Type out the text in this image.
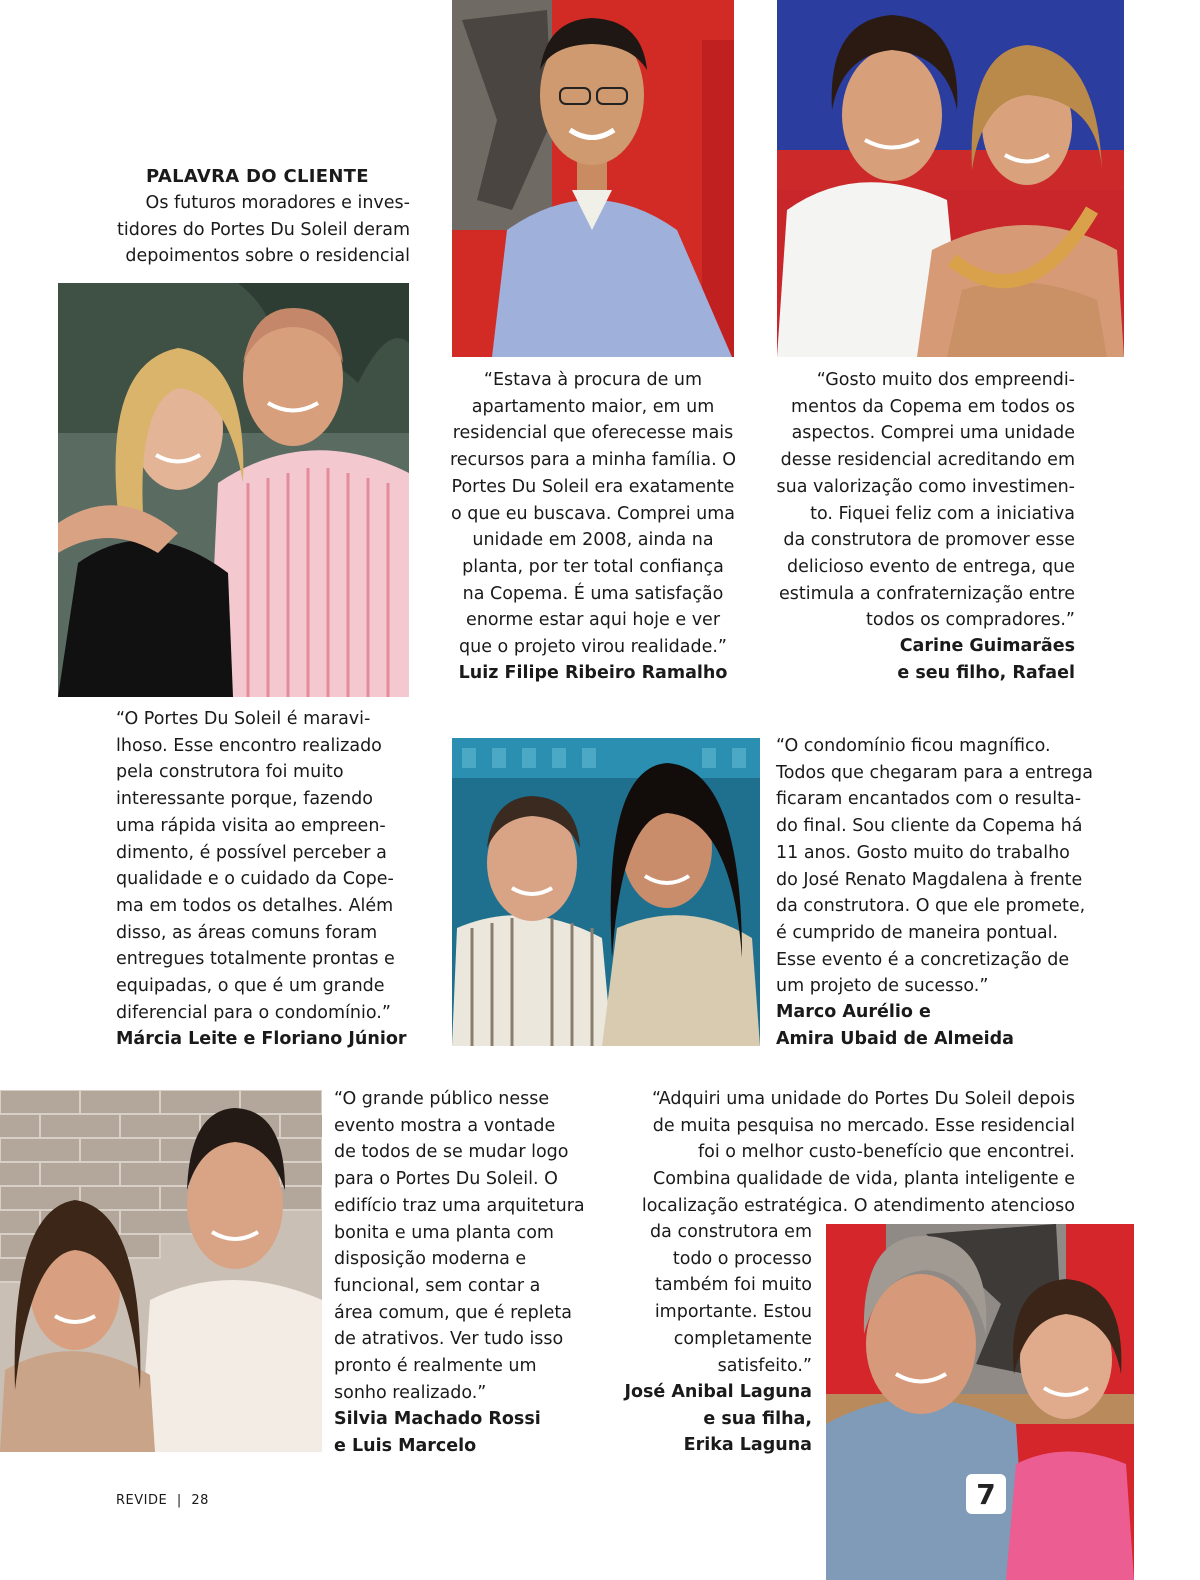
PALAVRA DO CLIENTE
Os futuros moradores e inves-
tidores do Portes Du Soleil deram
depoimentos sobre o residencial
7
“Estava à procura de um
apartamento maior, em um
residencial que oferecesse mais
recursos para a minha família. O
Portes Du Soleil era exatamente
o que eu buscava. Comprei uma
unidade em 2008, ainda na
planta, por ter total confiança
na Copema. É uma satisfação
enorme estar aqui hoje e ver
que o projeto virou realidade.”
Luiz Filipe Ribeiro Ramalho
“Gosto muito dos empreendi-
mentos da Copema em todos os
aspectos. Comprei uma unidade
desse residencial acreditando em
sua valorização como investimen-
to. Fiquei feliz com a iniciativa
da construtora de promover esse
delicioso evento de entrega, que
estimula a confraternização entre
todos os compradores.”
Carine Guimarães
e seu filho, Rafael
“O Portes Du Soleil é maravi-
lhoso. Esse encontro realizado
pela construtora foi muito
interessante porque, fazendo
uma rápida visita ao empreen-
dimento, é possível perceber a
qualidade e o cuidado da Cope-
ma em todos os detalhes. Além
disso, as áreas comuns foram
entregues totalmente prontas e
equipadas, o que é um grande
diferencial para o condomínio.”
Márcia Leite e Floriano Júnior
“O condomínio ficou magnífico.
Todos que chegaram para a entrega
ficaram encantados com o resulta-
do final. Sou cliente da Copema há
11 anos. Gosto muito do trabalho
do José Renato Magdalena à frente
da construtora. O que ele promete,
é cumprido de maneira pontual.
Esse evento é a concretização de
um projeto de sucesso.”
Marco Aurélio e
Amira Ubaid de Almeida
“O grande público nesse
evento mostra a vontade
de todos de se mudar logo
para o Portes Du Soleil. O
edifício traz uma arquitetura
bonita e uma planta com
disposição moderna e
funcional, sem contar a
área comum, que é repleta
de atrativos. Ver tudo isso
pronto é realmente um
sonho realizado.”
Silvia Machado Rossi
e Luis Marcelo
“Adquiri uma unidade do Portes Du Soleil depois
de muita pesquisa no mercado. Esse residencial
foi o melhor custo-benefício que encontrei.
Combina qualidade de vida, planta inteligente e
localização estratégica. O atendimento atencioso
da construtora em
todo o processo
também foi muito
importante. Estou
completamente
satisfeito.”
José Anibal Laguna
e sua filha,
Erika Laguna
REVIDE | 28
